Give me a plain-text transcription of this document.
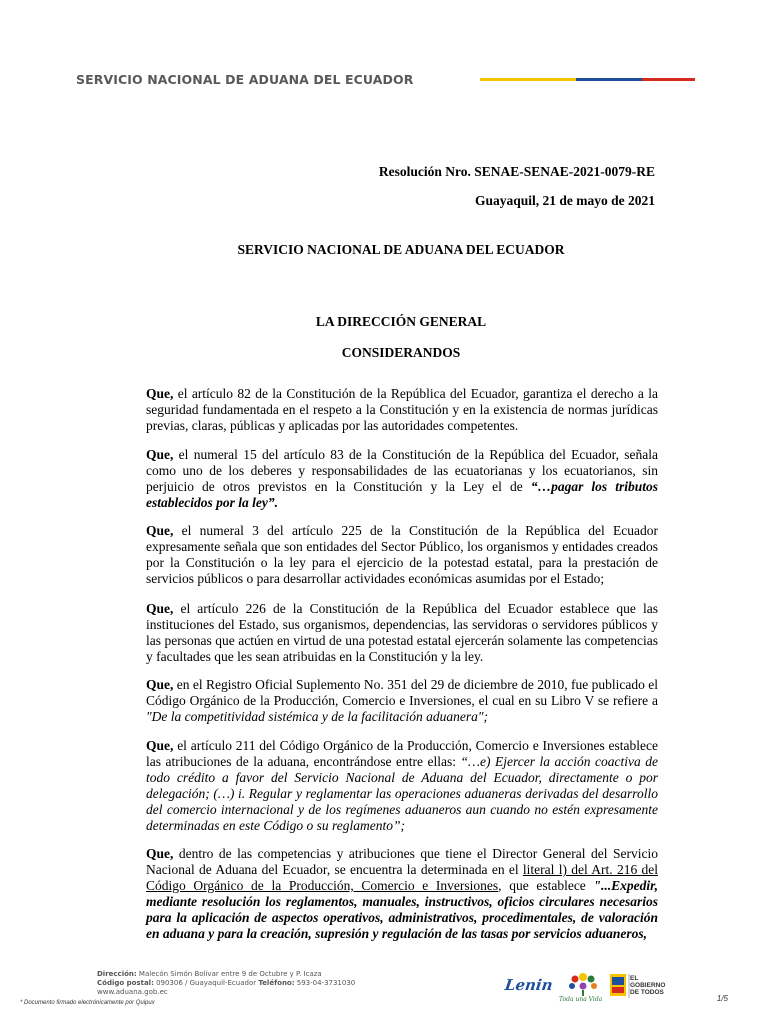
SERVICIO NACIONAL DE ADUANA DEL ECUADOR
Resolución Nro. SENAE-SENAE-2021-0079-RE
Guayaquil, 21 de mayo de 2021
SERVICIO NACIONAL DE ADUANA DEL ECUADOR
LA DIRECCIÓN GENERAL
CONSIDERANDOS
Que, el artículo 82 de la Constitución de la República del Ecuador, garantiza el derecho a la seguridad fundamentada en el respeto a la Constitución y en la existencia de normas jurídicas previas, claras, públicas y aplicadas por las autoridades competentes.
Que, el numeral 15 del artículo 83 de la Constitución de la República del Ecuador, señala como uno de los deberes y responsabilidades de las ecuatorianas y los ecuatorianos, sin perjuicio de otros previstos en la Constitución y la Ley el de “…pagar los tributos establecidos por la ley”.
Que, el numeral 3 del artículo 225 de la Constitución de la República del Ecuador expresamente señala que son entidades del Sector Público, los organismos y entidades creados por la Constitución o la ley para el ejercicio de la potestad estatal, para la prestación de servicios públicos o para desarrollar actividades económicas asumidas por el Estado;
Que, el artículo 226 de la Constitución de la República del Ecuador establece que las instituciones del Estado, sus organismos, dependencias, las servidoras o servidores públicos y las personas que actúen en virtud de una potestad estatal ejercerán solamente las competencias y facultades que les sean atribuidas en la Constitución y la ley.
Que, en el Registro Oficial Suplemento No. 351 del 29 de diciembre de 2010, fue publicado el Código Orgánico de la Producción, Comercio e Inversiones, el cual en su Libro V se refiere a "De la competitividad sistémica y de la facilitación aduanera";
Que, el artículo 211 del Código Orgánico de la Producción, Comercio e Inversiones establece las atribuciones de la aduana, encontrándose entre ellas: “…e) Ejercer la acción coactiva de todo crédito a favor del Servicio Nacional de Aduana del Ecuador, directamente o por delegación; (…) i. Regular y reglamentar las operaciones aduaneras derivadas del desarrollo del comercio internacional y de los regímenes aduaneros aun cuando no estén expresamente determinadas en este Código o su reglamento”;
Que, dentro de las competencias y atribuciones que tiene el Director General del Servicio Nacional de Aduana del Ecuador, se encuentra la determinada en el literal l) del Art. 216 del Código Orgánico de la Producción, Comercio e Inversiones, que establece "...Expedir, mediante resolución los reglamentos, manuales, instructivos, oficios circulares necesarios para la aplicación de aspectos operativos, administrativos, procedimentales, de valoración en aduana y para la creación, supresión y regulación de las tasas por servicios aduaneros,
Dirección: Malecón Simón Bolívar entre 9 de Octubre y P. Icaza
Código postal: 090306 / Guayaquil-Ecuador Teléfono: 593-04-3731030
www.aduana.gob.ec	Lenin
Toda una Vida
EL
GOBIERNO
DE TODOS
* Documento firmado electrónicamente por Quipux	1/5
